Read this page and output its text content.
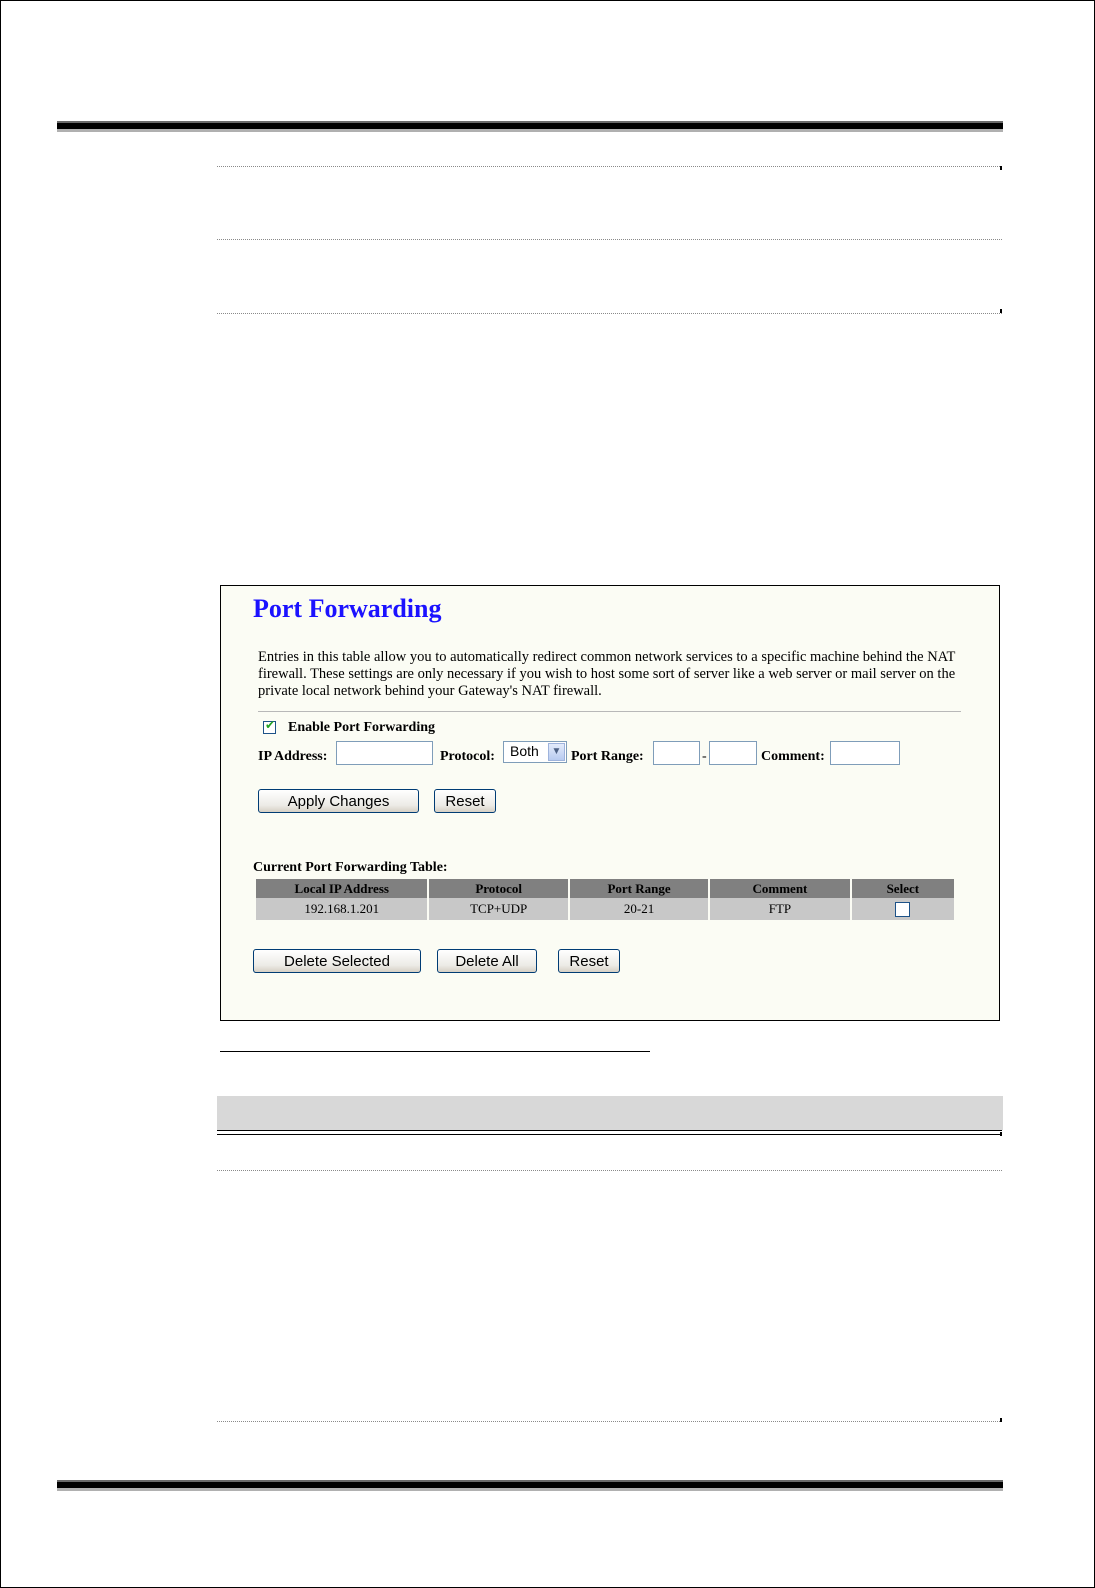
Port Forwarding
Entries in this table allow you to automatically redirect common network services to a specific machine behind the NAT firewall. These settings are only necessary if you wish to host some sort of server like a web server or mail server on the private local network behind your Gateway's NAT firewall.
✔ Enable Port Forwarding
IP Address:	Protocol: Both	▼ Port Range:	-	Comment:
Apply Changes	Reset
Current Port Forwarding Table:
Local IP Address	Protocol	Port Range	Comment	Select
192.168.1.201	TCP+UDP	20-21	FTP	
Delete Selected	Delete All	Reset
